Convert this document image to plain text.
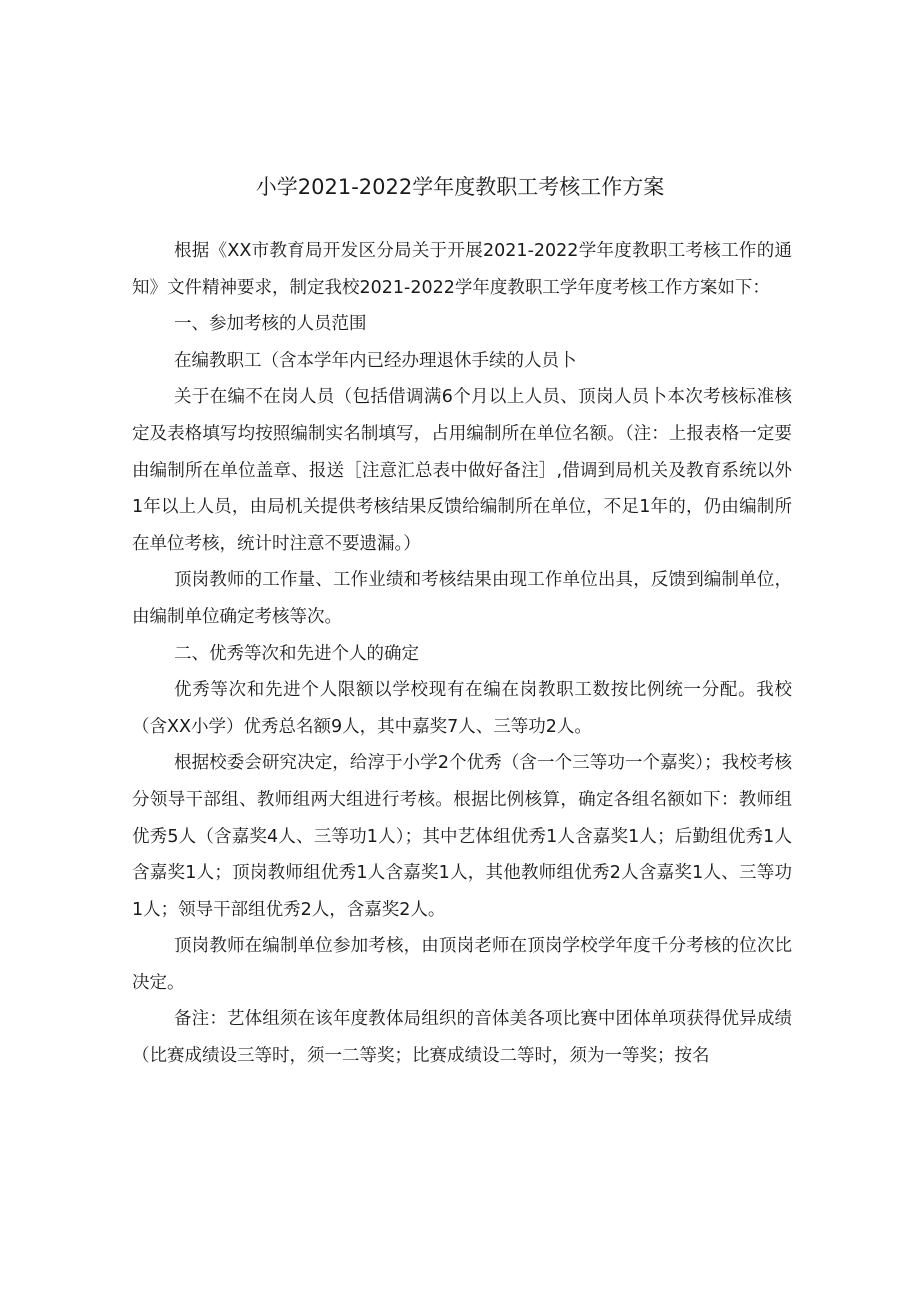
小学2021-2022学年度教职工考核工作方案

根据《XX市教育局开发区分局关于开展2021-2022学年度教职工考核工作的通知》文件精神要求，制定我校2021-2022学年度教职工学年度考核工作方案如下：

一、参加考核的人员范围

在编教职工（含本学年内已经办理退休手续的人员卜

关于在编不在岗人员（包括借调满6个月以上人员、顶岗人员卜本次考核标准核定及表格填写均按照编制实名制填写，占用编制所在单位名额。（注：上报表格一定要由编制所在单位盖章、报送［注意汇总表中做好备注］,借调到局机关及教育系统以外1年以上人员，由局机关提供考核结果反馈给编制所在单位，不足1年的，仍由编制所在单位考核，统计时注意不要遗漏。）

顶岗教师的工作量、工作业绩和考核结果由现工作单位出具，反馈到编制单位，由编制单位确定考核等次。

二、优秀等次和先进个人的确定

优秀等次和先进个人限额以学校现有在编在岗教职工数按比例统一分配。我校（含XX小学）优秀总名额9人，其中嘉奖7人、三等功2人。

根据校委会研究决定，给淳于小学2个优秀（含一个三等功一个嘉奖）；我校考核分领导干部组、教师组两大组进行考核。根据比例核算，确定各组名额如下：教师组优秀5人（含嘉奖4人、三等功1人）；其中艺体组优秀1人含嘉奖1人；后勤组优秀1人含嘉奖1人；顶岗教师组优秀1人含嘉奖1人，其他教师组优秀2人含嘉奖1人、三等功1人；领导干部组优秀2人，含嘉奖2人。

顶岗教师在编制单位参加考核，由顶岗老师在顶岗学校学年度千分考核的位次比决定。

备注：艺体组须在该年度教体局组织的音体美各项比赛中团体单项获得优异成绩（比赛成绩设三等时，须一二等奖；比赛成绩设二等时，须为一等奖；按名
